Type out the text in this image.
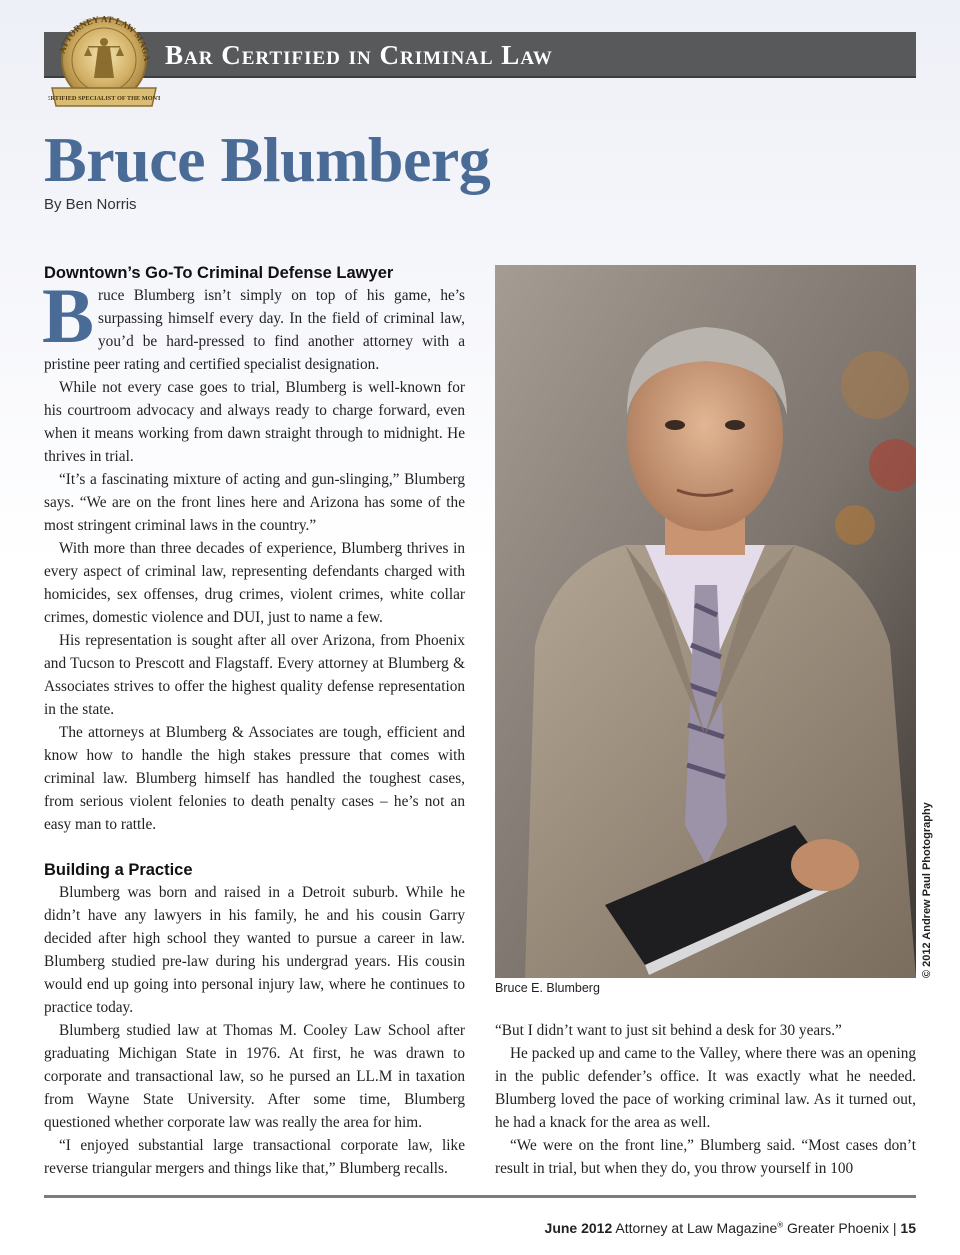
Bar Certified in Criminal Law
ATTORNEY AT LAW MAGA
ERTIFIED SPECIALIST OF THE MONT
Bruce Blumberg
By Ben Norris
Downtown’s Go-To Criminal Defense Lawyer

Bruce Blumberg isn’t simply on top of his game, he’s surpassing himself every day. In the field of criminal law, you’d be hard-pressed to find another attorney with a pristine peer rating and certified specialist designation.

While not every case goes to trial, Blumberg is well-known for his courtroom advocacy and always ready to charge forward, even when it means working from dawn straight through to midnight. He thrives in trial.

“It’s a fascinating mixture of acting and gun-slinging,” Blumberg says. “We are on the front lines here and Arizona has some of the most stringent criminal laws in the country.”

With more than three decades of experience, Blumberg thrives in every aspect of criminal law, representing defendants charged with homicides, sex offenses, drug crimes, violent crimes, white collar crimes, domestic violence and DUI, just to name a few.

His representation is sought after all over Arizona, from Phoenix and Tucson to Prescott and Flagstaff. Every attorney at Blumberg & Associates strives to offer the highest quality defense representation in the state.

The attorneys at Blumberg & Associates are tough, efficient and know how to handle the high stakes pressure that comes with criminal law. Blumberg himself has handled the toughest cases, from serious violent felonies to death penalty cases – he’s not an easy man to rattle.

Building a Practice

Blumberg was born and raised in a Detroit suburb. While he didn’t have any lawyers in his family, he and his cousin Garry decided after high school they wanted to pursue a career in law. Blumberg studied pre-law during his undergrad years. His cousin would end up going into personal injury law, where he continues to practice today.

Blumberg studied law at Thomas M. Cooley Law School after graduating Michigan State in 1976. At first, he was drawn to corporate and transactional law, so he pursed an LL.M in taxation from Wayne State University. After some time, Blumberg questioned whether corporate law was really the area for him.

“I enjoyed substantial large transactional corporate law, like reverse triangular mergers and things like that,” Blumberg recalls.

Bruce E. Blumberg
© 2012 Andrew Paul Photography

“But I didn’t want to just sit behind a desk for 30 years.”

He packed up and came to the Valley, where there was an opening in the public defender’s office. It was exactly what he needed. Blumberg loved the pace of working criminal law. As it turned out, he had a knack for the area as well.

“We were on the front line,” Blumberg said. “Most cases don’t result in trial, but when they do, you throw yourself in 100

June 2012 Attorney at Law Magazine® Greater Phoenix | 15
